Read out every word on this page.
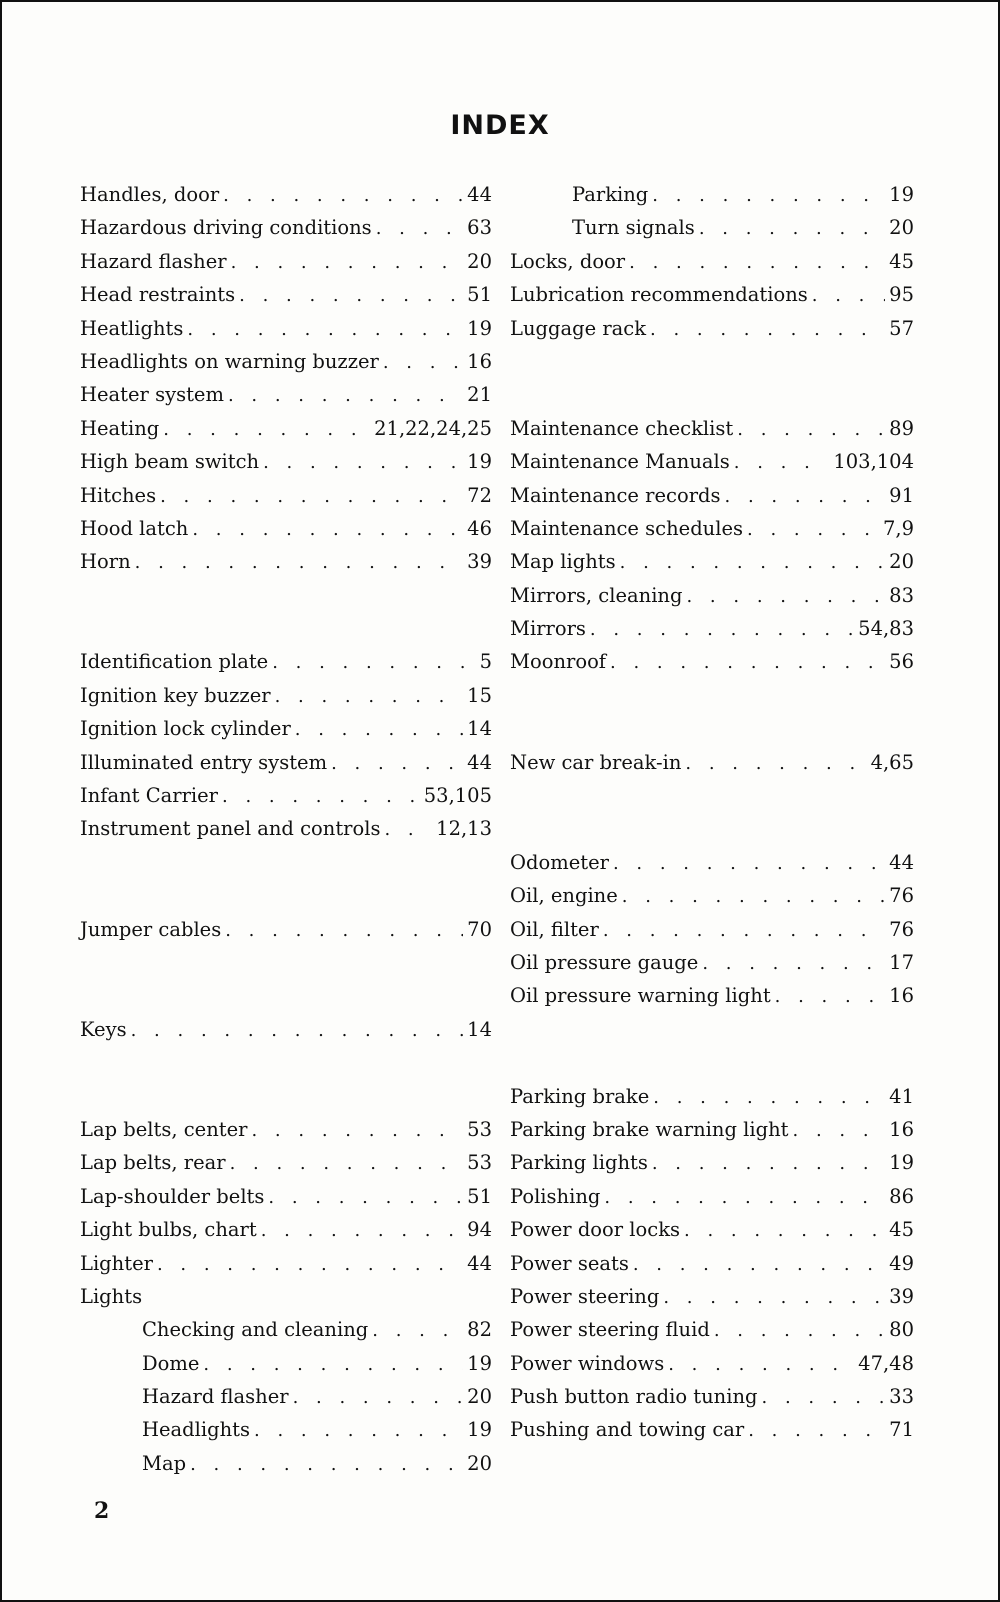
INDEX
Handles, door . . .	44
Hazardous driving conditions . . .	63
Hazard flasher . . .	20
Head restraints . . .	51
Heatlights . . .	19
Headlights on warning buzzer . . .	16
Heater system . . .	21
Heating . . .	21,22,24,25
High beam switch . . .	19
Hitches . . .	72
Hood latch . . .	46
Horn . . .	39
Identification plate . . .	5
Ignition key buzzer . . .	15
Ignition lock cylinder . . .	14
Illuminated entry system . . .	44
Infant Carrier . . .	53,105
Instrument panel and controls . . .	12,13
Jumper cables . . .	70
Keys . . .	14
Lap belts, center . . .	53
Lap belts, rear . . .	53
Lap-shoulder belts . . .	51
Light bulbs, chart . . .	94
Lighter . . .	44
Lights
Checking and cleaning . . .	82
Dome . . .	19
Hazard flasher . . .	20
Headlights . . .	19
Map . . .	20
Parking . . .	19
Turn signals . . .	20
Locks, door . . .	45
Lubrication recommendations . . .	95
Luggage rack . . .	57
Maintenance checklist . . .	89
Maintenance Manuals . . .	103,104
Maintenance records . . .	91
Maintenance schedules . . .	7,9
Map lights . . .	20
Mirrors, cleaning . . .	83
Mirrors . . .	54,83
Moonroof . . .	56
New car break-in . . .	4,65
Odometer . . .	44
Oil, engine . . .	76
Oil, filter . . .	76
Oil pressure gauge . . .	17
Oil pressure warning light . . .	16
Parking brake . . .	41
Parking brake warning light . . .	16
Parking lights . . .	19
Polishing . . .	86
Power door locks . . .	45
Power seats . . .	49
Power steering . . .	39
Power steering fluid . . .	80
Power windows . . .	47,48
Push button radio tuning . . .	33
Pushing and towing car . . .	71
2
